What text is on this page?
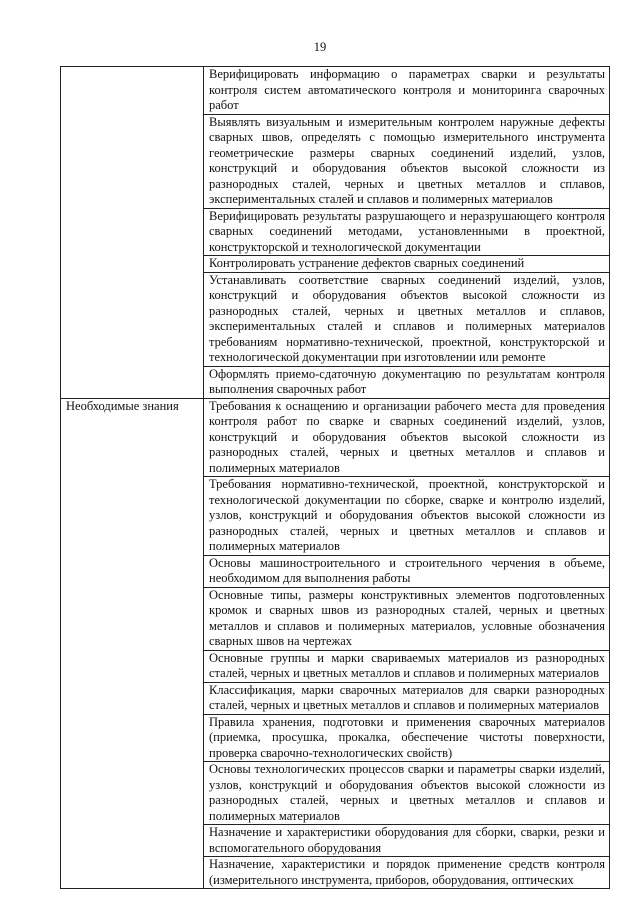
19
	Верифицировать информацию о параметрах сварки и результаты контроля систем автоматического контроля и мониторинга сварочных работ
	Выявлять визуальным и измерительным контролем наружные дефекты сварных швов, определять с помощью измерительного инструмента геометрические размеры сварных соединений изделий, узлов, конструкций и оборудования объектов высокой сложности из разнородных сталей, черных и цветных металлов и сплавов, экспериментальных сталей и сплавов и полимерных материалов
	Верифицировать результаты разрушающего и неразрушающего контроля сварных соединений методами, установленными в проектной, конструкторской и технологической документации
	Контролировать устранение дефектов сварных соединений
	Устанавливать соответствие сварных соединений изделий, узлов, конструкций и оборудования объектов высокой сложности из разнородных сталей, черных и цветных металлов и сплавов, экспериментальных сталей и сплавов и полимерных материалов требованиям нормативно-технической, проектной, конструкторской и технологической документации при изготовлении или ремонте
	Оформлять приемо-сдаточную документацию по результатам контроля выполнения сварочных работ

Необходимые знания	Требования к оснащению и организации рабочего места для проведения контроля работ по сварке и сварных соединений изделий, узлов, конструкций и оборудования объектов высокой сложности из разнородных сталей, черных и цветных металлов и сплавов и полимерных материалов
	Требования нормативно-технической, проектной, конструкторской и технологической документации по сборке, сварке и контролю изделий, узлов, конструкций и оборудования объектов высокой сложности из разнородных сталей, черных и цветных металлов и сплавов и полимерных материалов
	Основы машиностроительного и строительного черчения в объеме, необходимом для выполнения работы
	Основные типы, размеры конструктивных элементов подготовленных кромок и сварных швов из разнородных сталей, черных и цветных металлов и сплавов и полимерных материалов, условные обозначения сварных швов на чертежах
	Основные группы и марки свариваемых материалов из разнородных сталей, черных и цветных металлов и сплавов и полимерных материалов
	Классификация, марки сварочных материалов для сварки разнородных сталей, черных и цветных металлов и сплавов и полимерных материалов
	Правила хранения, подготовки и применения сварочных материалов (приемка, просушка, прокалка, обеспечение чистоты поверхности, проверка сварочно-технологических свойств)
	Основы технологических процессов сварки и параметры сварки изделий, узлов, конструкций и оборудования объектов высокой сложности из разнородных сталей, черных и цветных металлов и сплавов и полимерных материалов
	Назначение и характеристики оборудования для сборки, сварки, резки и вспомогательного оборудования
	Назначение, характеристики и порядок применение средств контроля (измерительного инструмента, приборов, оборудования, оптических
